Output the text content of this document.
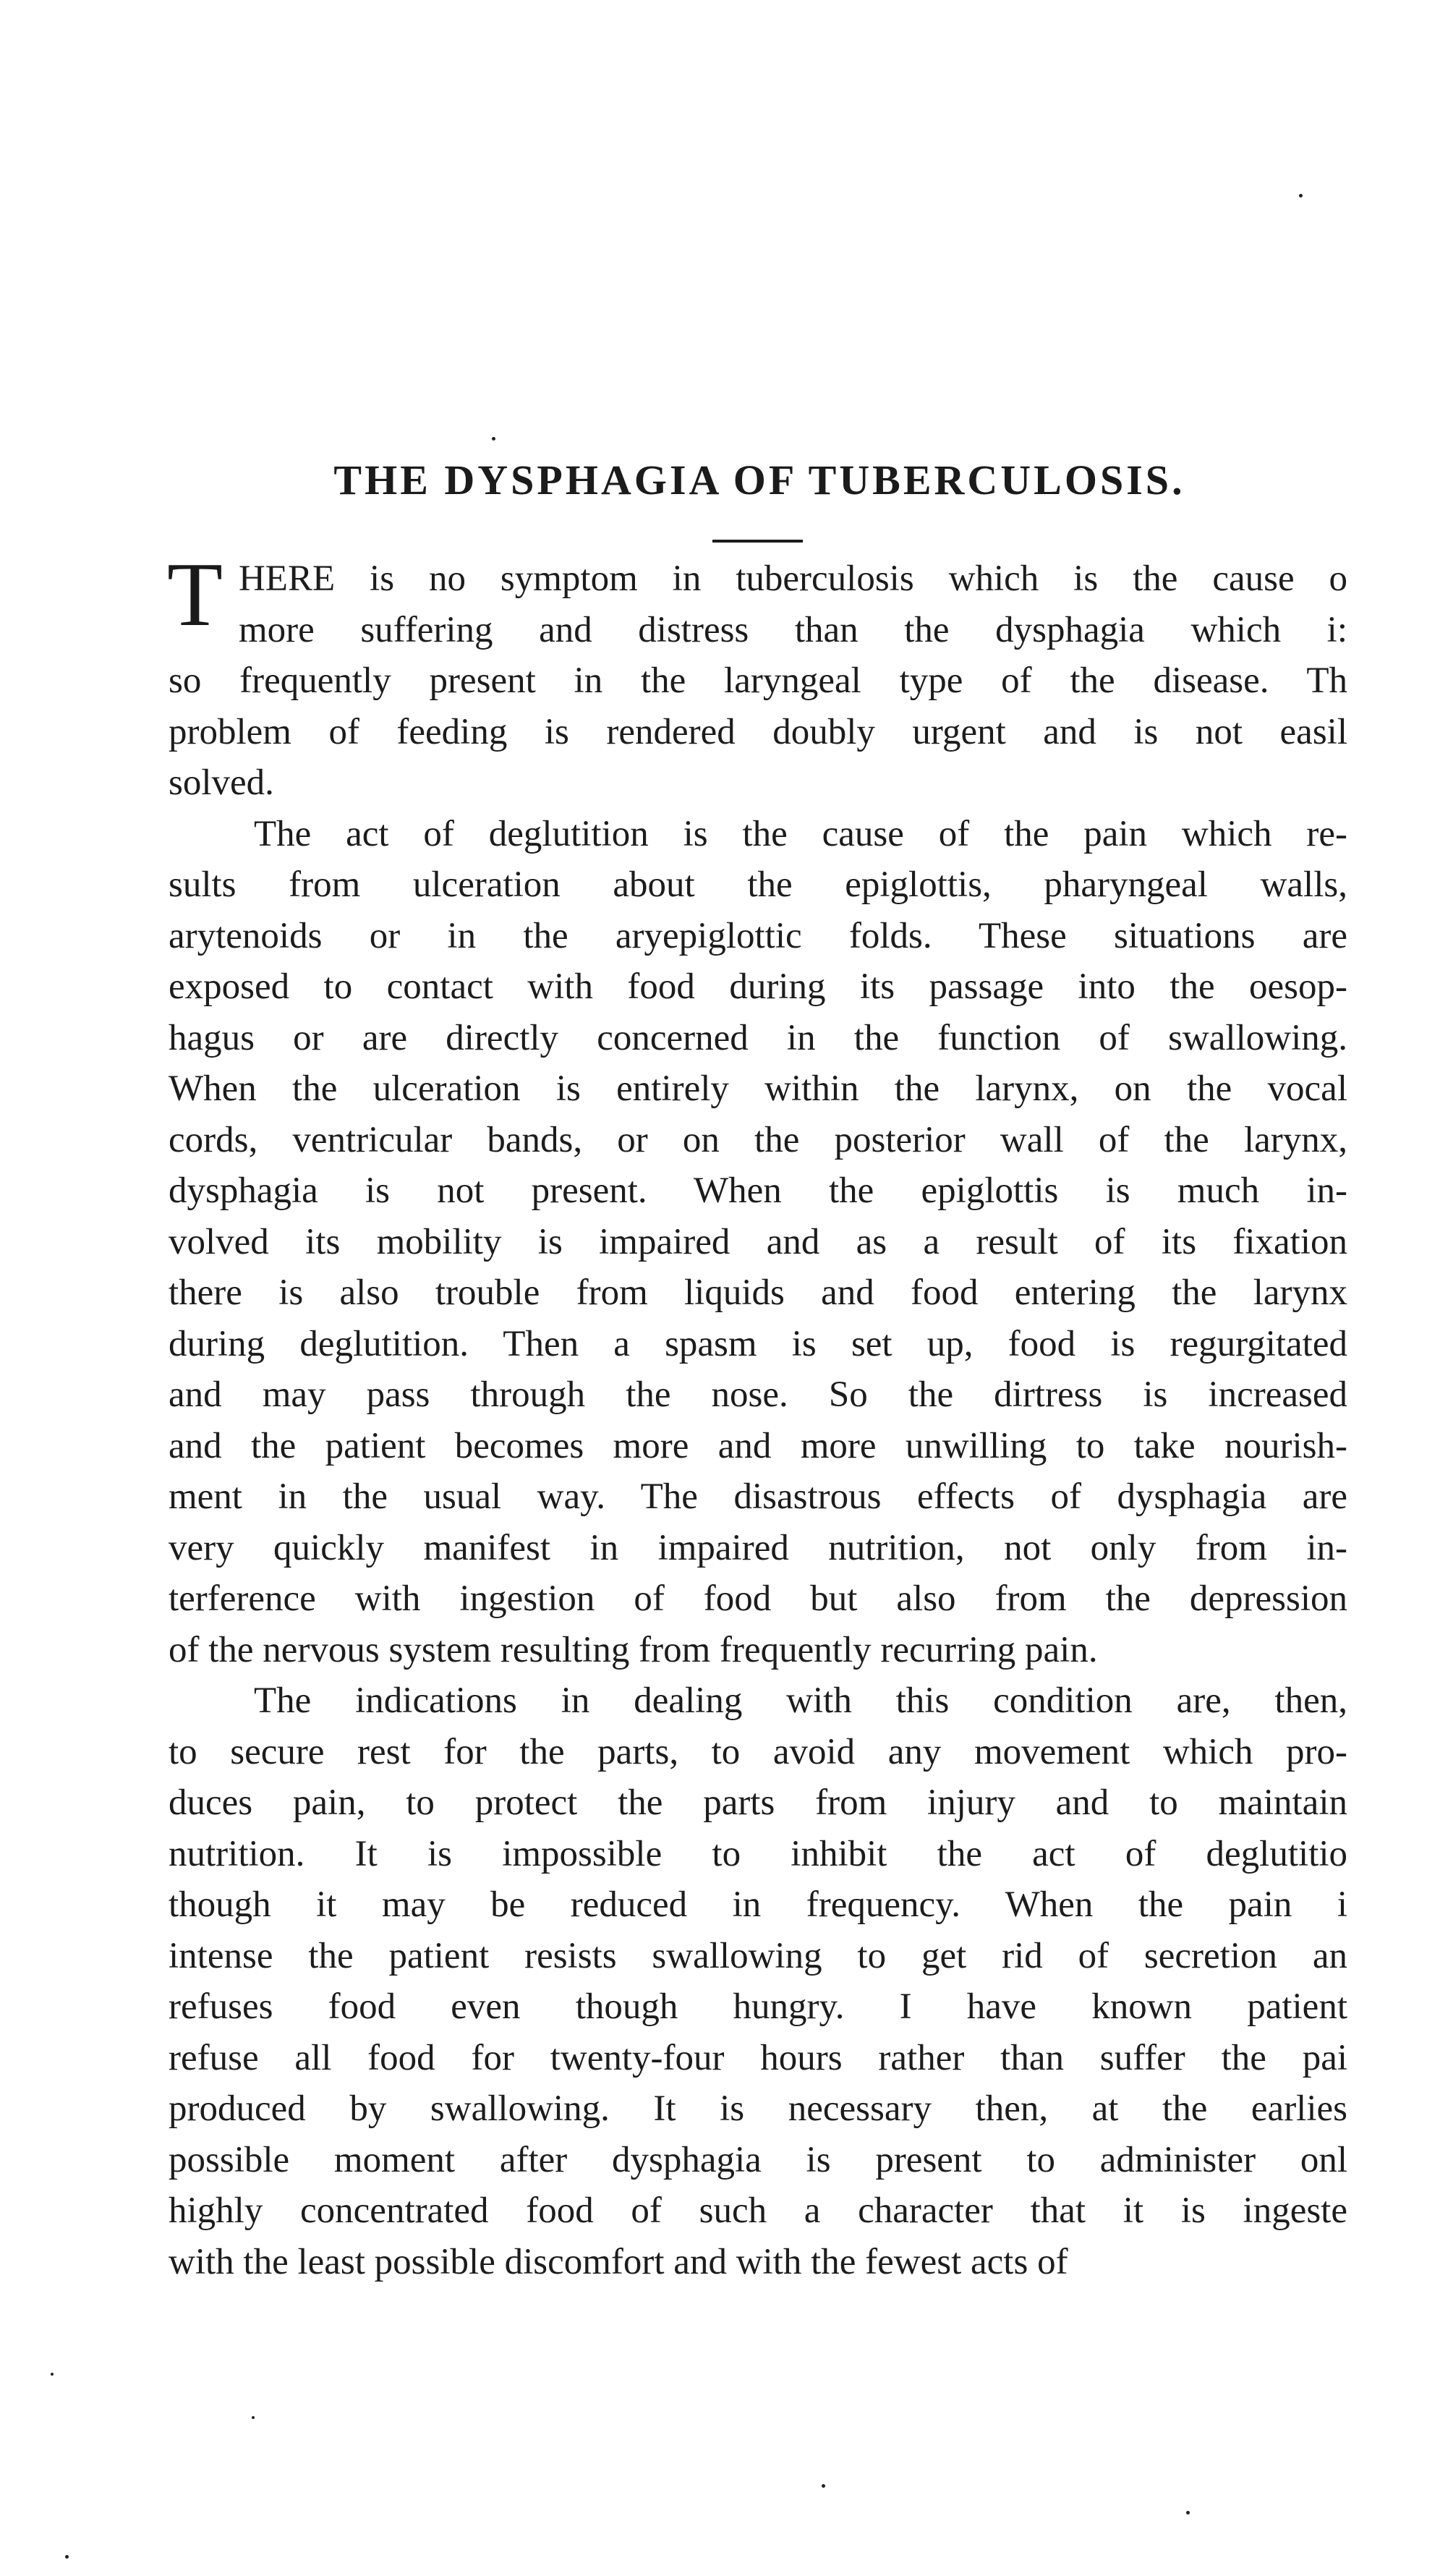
THE DYSPHAGIA OF TUBERCULOSIS.

T HERE is no symptom in tuberculosis which is the cause o
more suffering and distress than the dysphagia which i:
so frequently present in the laryngeal type of the disease. Th
problem of feeding is rendered doubly urgent and is not easil
solved.

The act of deglutition is the cause of the pain which re-
sults from ulceration about the epiglottis, pharyngeal walls,
arytenoids or in the aryepiglottic folds. These situations are
exposed to contact with food during its passage into the oesop-
hagus or are directly concerned in the function of swallowing.
When the ulceration is entirely within the larynx, on the vocal
cords, ventricular bands, or on the posterior wall of the larynx,
dysphagia is not present. When the epiglottis is much in-
volved its mobility is impaired and as a result of its fixation
there is also trouble from liquids and food entering the larynx
during deglutition. Then a spasm is set up, food is regurgitated
and may pass through the nose. So the dirtress is increased
and the patient becomes more and more unwilling to take nourish-
ment in the usual way. The disastrous effects of dysphagia are
very quickly manifest in impaired nutrition, not only from in-
terference with ingestion of food but also from the depression
of the nervous system resulting from frequently recurring pain.

The indications in dealing with this condition are, then,
to secure rest for the parts, to avoid any movement which pro-
duces pain, to protect the parts from injury and to maintain
nutrition. It is impossible to inhibit the act of deglutitio
though it may be reduced in frequency. When the pain i
intense the patient resists swallowing to get rid of secretion an
refuses food even though hungry. I have known patient
refuse all food for twenty-four hours rather than suffer the pai
produced by swallowing. It is necessary then, at the earlies
possible moment after dysphagia is present to administer onl
highly concentrated food of such a character that it is ingeste
with the least possible discomfort and with the fewest acts of
